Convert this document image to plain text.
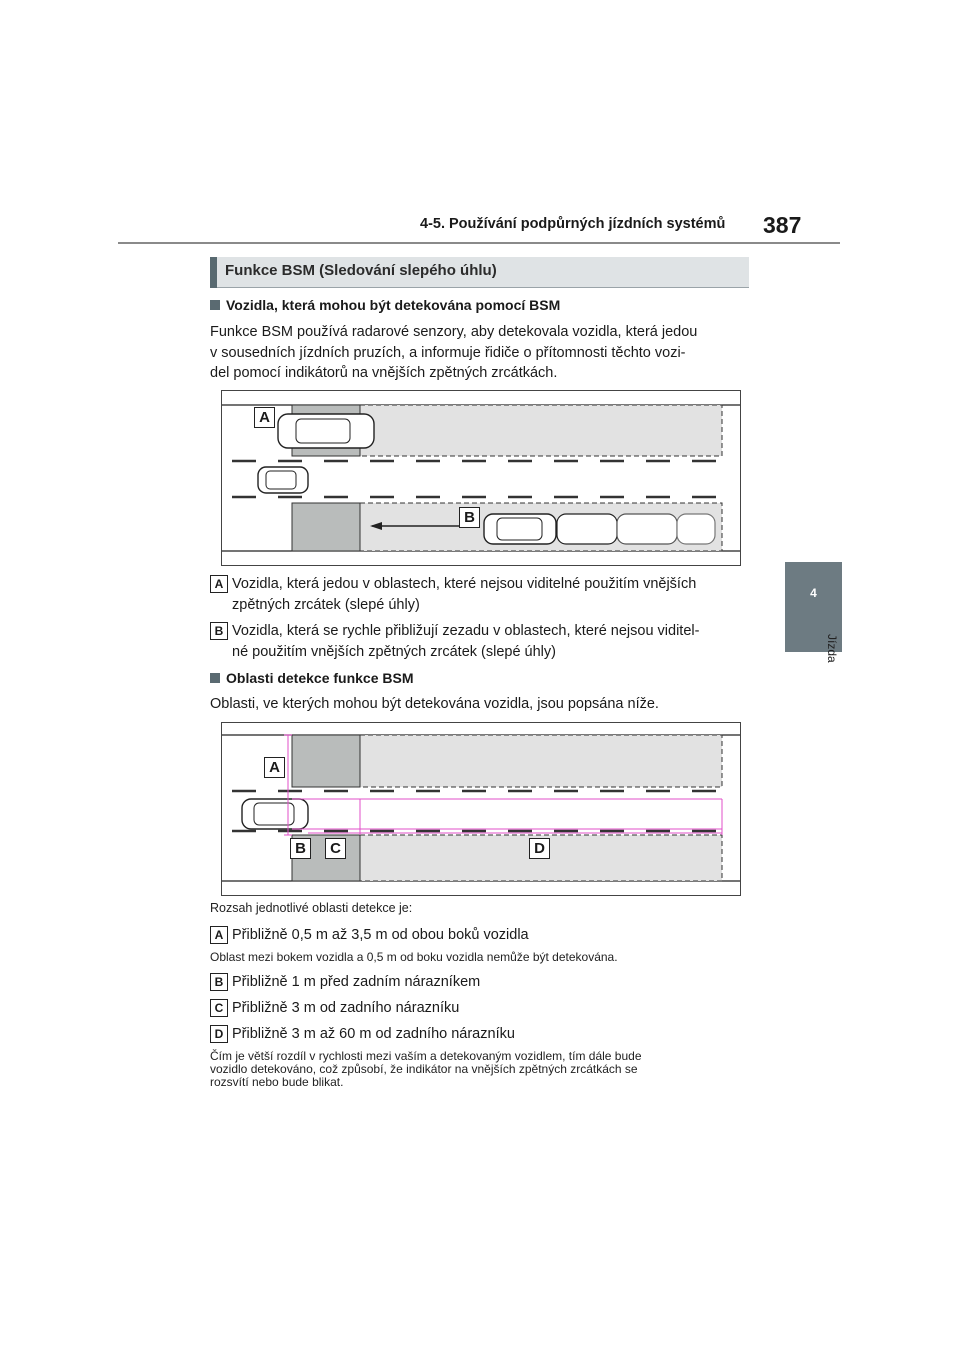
4-5. Používání podpůrných jízdních systémů 387
4
Jízda
Funkce BSM (Sledování slepého úhlu)
Vozidla, která mohou být detekována pomocí BSM
Funkce BSM používá radarové senzory, aby detekovala vozidla, která jedou
v sousedních jízdních pruzích, a informuje řidiče o přítomnosti těchto vozi-
del pomocí indikátorů na vnějších zpětných zrcátkách.
A
B
A Vozidla, která jedou v oblastech, které nejsou viditelné použitím vnějších
zpětných zrcátek (slepé úhly)
B Vozidla, která se rychle přibližují zezadu v oblastech, které nejsou viditel-
né použitím vnějších zpětných zrcátek (slepé úhly)
Oblasti detekce funkce BSM
Oblasti, ve kterých mohou být detekována vozidla, jsou popsána níže.
A
B	C	D
Rozsah jednotlivé oblasti detekce je:
A Přibližně 0,5 m až 3,5 m od obou boků vozidla
Oblast mezi bokem vozidla a 0,5 m od boku vozidla nemůže být detekována.
B Přibližně 1 m před zadním nárazníkem
C Přibližně 3 m od zadního nárazníku
D Přibližně 3 m až 60 m od zadního nárazníku
Čím je větší rozdíl v rychlosti mezi vaším a detekovaným vozidlem, tím dále bude
vozidlo detekováno, což způsobí, že indikátor na vnějších zpětných zrcátkách se
rozsvítí nebo bude blikat.
